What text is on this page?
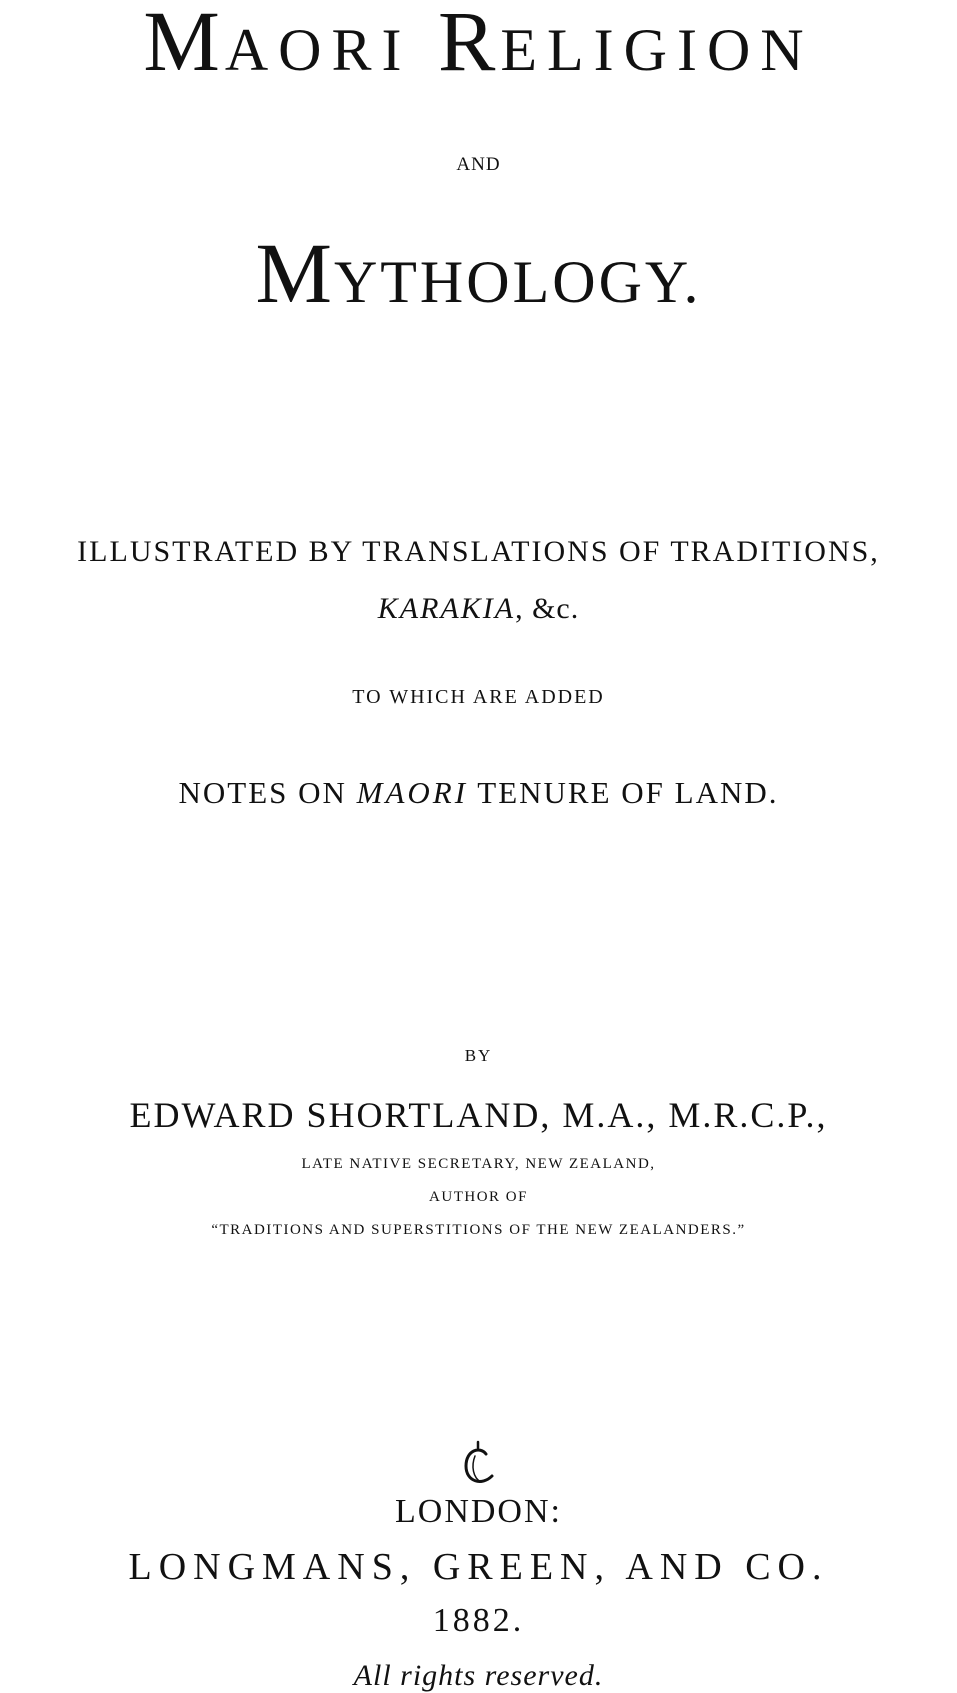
MAORI RELIGION
AND
MYTHOLOGY.
ILLUSTRATED BY TRANSLATIONS OF TRADITIONS,
KARAKIA, &c.
TO WHICH ARE ADDED
NOTES ON MAORI TENURE OF LAND.
BY
EDWARD SHORTLAND, M.A., M.R.C.P.,
LATE NATIVE SECRETARY, NEW ZEALAND,
AUTHOR OF
“TRADITIONS AND SUPERSTITIONS OF THE NEW ZEALANDERS.”
LONDON:
LONGMANS, GREEN, AND CO.
1882.
All rights reserved.
